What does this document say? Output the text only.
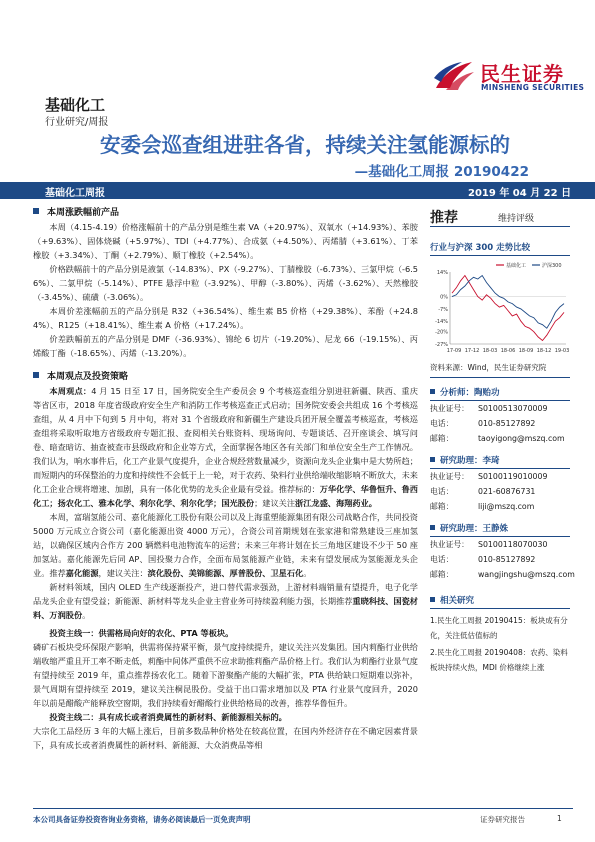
民生证券
MINSHENG SECURITIES
基础化工
行业研究/周报
安委会巡查组进驻各省，持续关注氢能源标的
—基础化工周报 20190422
基础化工周报	2019 年 04 月 22 日
本周涨跌幅前产品

本周（4.15-4.19）价格涨幅前十的产品分别是维生素 VA（+20.97%）、双氧水（+14.93%）、苯胺（+9.63%）、固体烧碱（+5.97%）、TDI（+4.77%）、合成氨（+4.50%）、丙烯腈（+3.61%）、丁苯橡胶（+3.34%）、丁酮（+2.79%）、顺丁橡胶（+2.54%）。

价格跌幅前十的产品分别是液氯（-14.83%）、PX（-9.27%）、丁腈橡胶（-6.73%）、三氯甲烷（-6.56%）、二氯甲烷（-5.14%）、PTFE 悬浮中粒（-3.92%）、甲醇（-3.80%）、丙烯（-3.62%）、天然橡胶（-3.45%）、硫磺（-3.06%）。

本周价差涨幅前五的产品分别是 R32（+36.54%）、维生素 B5 价格（+29.38%）、苯酚（+24.84%）、R125（+18.41%）、维生素 A 价格（+17.24%）。

价差跌幅前五的产品分别是 DMF（-36.93%）、锦纶 6 切片（-19.20%）、尼龙 66（-19.15%）、丙烯酸丁酯（-18.65%）、丙烯（-13.20%）。

本周观点及投资策略

本周观点：4 月 15 日至 17 日，国务院安全生产委员会 9 个考核巡查组分别进驻新疆、陕西、重庆等省区市，2018 年度省级政府安全生产和消防工作考核巡查正式启动；国务院安委会共组成 16 个考核巡查组，从 4 月中下旬到 5 月中旬，将对 31 个省级政府和新疆生产建设兵团开展全覆盖考核巡查，考核巡查组将采取听取地方省级政府专题汇报、查阅相关台账资料、现场询问、专题谈话、召开座谈会、填写问卷、暗查暗访、抽查被查市县级政府和企业等方式，全面掌握各地区各有关部门和单位安全生产工作情况。我们认为，响水事件后，化工产业景气度提升，企业合规经营数量减少，资源向龙头企业集中是大势所趋；而短期内的环保整治的力度和持续性不会低于上一轮，对于农药、染料行业供给端收缩影响不断放大，未来化工企业合规将增速、加剧，具有一体化优势的龙头企业最有受益。推荐标的：万华化学、华鲁恒升、鲁西化工；扬农化工、雅本化学、利尔化学、利尔化学；国光股份；建议关注浙江龙盛、海翔药业。

本周，富瑞氢能公司、嘉化能源化工股份有限公司以及上海重塑能源集团有限公司战略合作，共同投资 5000 万元成立合资公司（嘉化能源出资 4000 万元），合资公司首期规划在张家港和常熟建设三座加氢站，以确保区域内合作方 200 辆燃料电池物流车的运营；未来三年将计划在长三角地区建设不少于 50 座加氢站。嘉化能源先后同 AP、国投聚力合作，全面布局氢能源产业链，未来有望发展成为氢能源龙头企业。推荐嘉化能源，建议关注：滨化股份、美锦能源、厚普股份、卫星石化。

新材料领域，国内 OLED 生产线逐渐投产，进口替代需求强劲，上游材料端销量有望提升，电子化学品龙头企业有望受益；新能源、新材料等龙头企业主营业务可持续盈利能力强，长期推荐重晓科技、国瓷材料、万润股份。

投资主线一：供需格局向好的农化、PTA 等板块。

磷矿石板块受环保限产影响，供需将保持紧平衡，景气度持续提升，建议关注兴发集团。国内莉酯行业供给端收缩严重且开工率不断走低，莉酯中间体严重供不应求助推莉酯产品价格上行。我们认为莉酯行业景气度有望持续至 2019 年，重点推荐扬农化工。随着下游聚酯产能的大幅扩张，PTA 供给缺口短期难以弥补，景气周期有望持续至 2019，建议关注桐昆股份。受益于出口需求增加以及 PTA 行业景气度回升，2020 年以前是醋酸产能释放空窗期，我们持续看好醋酸行业供给格局的改善，推荐华鲁恒升。

投资主线二：具有成长或者消费属性的新材料、新能源相关标的。

大宗化工品经历 3 年的大幅上涨后，目前多数品种价格处在较高位置，在国内外经济存在不确定因素背景下，具有成长或者消费属性的新材料、新能源、大众消费品等相

推荐	维持评级
行业与沪深 300 走势比较
14%
0%
-7%
-14%
-20%
-27%
17-09 17-12 18-03 18-06 18-09 18-12 19-03
基础化工	沪深300
资料来源：Wind，民生证券研究院
分析师：陶贻功
执业证号： S0100513070009
电话：	010-85127892
邮箱：	taoyigong@mszq.com
研究助理：李琦
执业证号： S0100119010009
电话：	021-60876731
邮箱：	liji@mszq.com
研究助理：王静姝
执业证号： S0100118070030
电话：	010-85127892
邮箱：	wangjingshu@mszq.com
相关研究

1.民生化工周报 20190415：板块成有分化，关注低估值标的

2.民生化工周报 20190408：农药、染料板块持续火热，MDI 价格继续上涨

本公司具备证券投资咨询业务资格，请务必阅读最后一页免责声明	证券研究报告	1
